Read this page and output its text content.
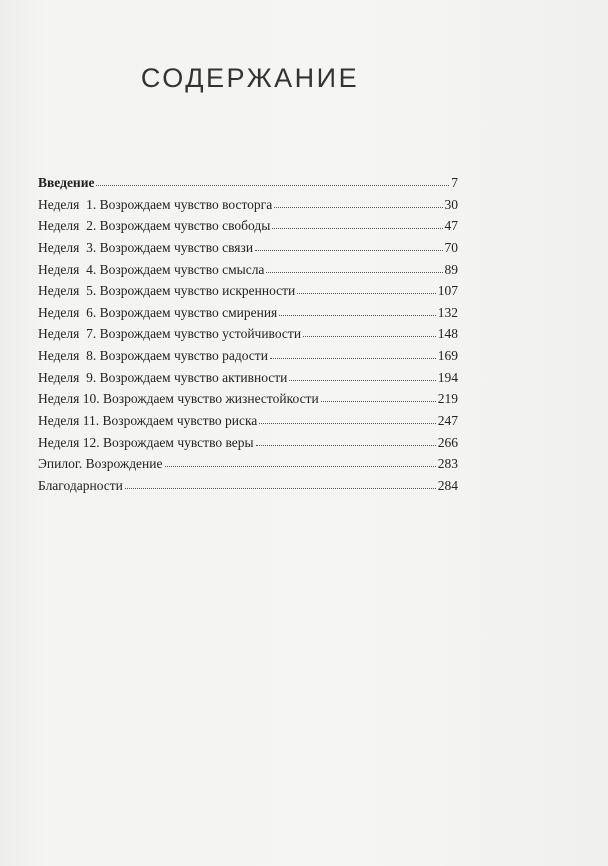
СОДЕРЖАНИЕ
Введение	7
Неделя  1. Возрождаем чувство восторга	30
Неделя  2. Возрождаем чувство свободы	47
Неделя  3. Возрождаем чувство связи	70
Неделя  4. Возрождаем чувство смысла	89
Неделя  5. Возрождаем чувство искренности	107
Неделя  6. Возрождаем чувство смирения	132
Неделя  7. Возрождаем чувство устойчивости	148
Неделя  8. Возрождаем чувство радости	169
Неделя  9. Возрождаем чувство активности	194
Неделя 10. Возрождаем чувство жизнестойкости	219
Неделя 11. Возрождаем чувство риска	247
Неделя 12. Возрождаем чувство веры	266
Эпилог. Возрождение	283
Благодарности	284
